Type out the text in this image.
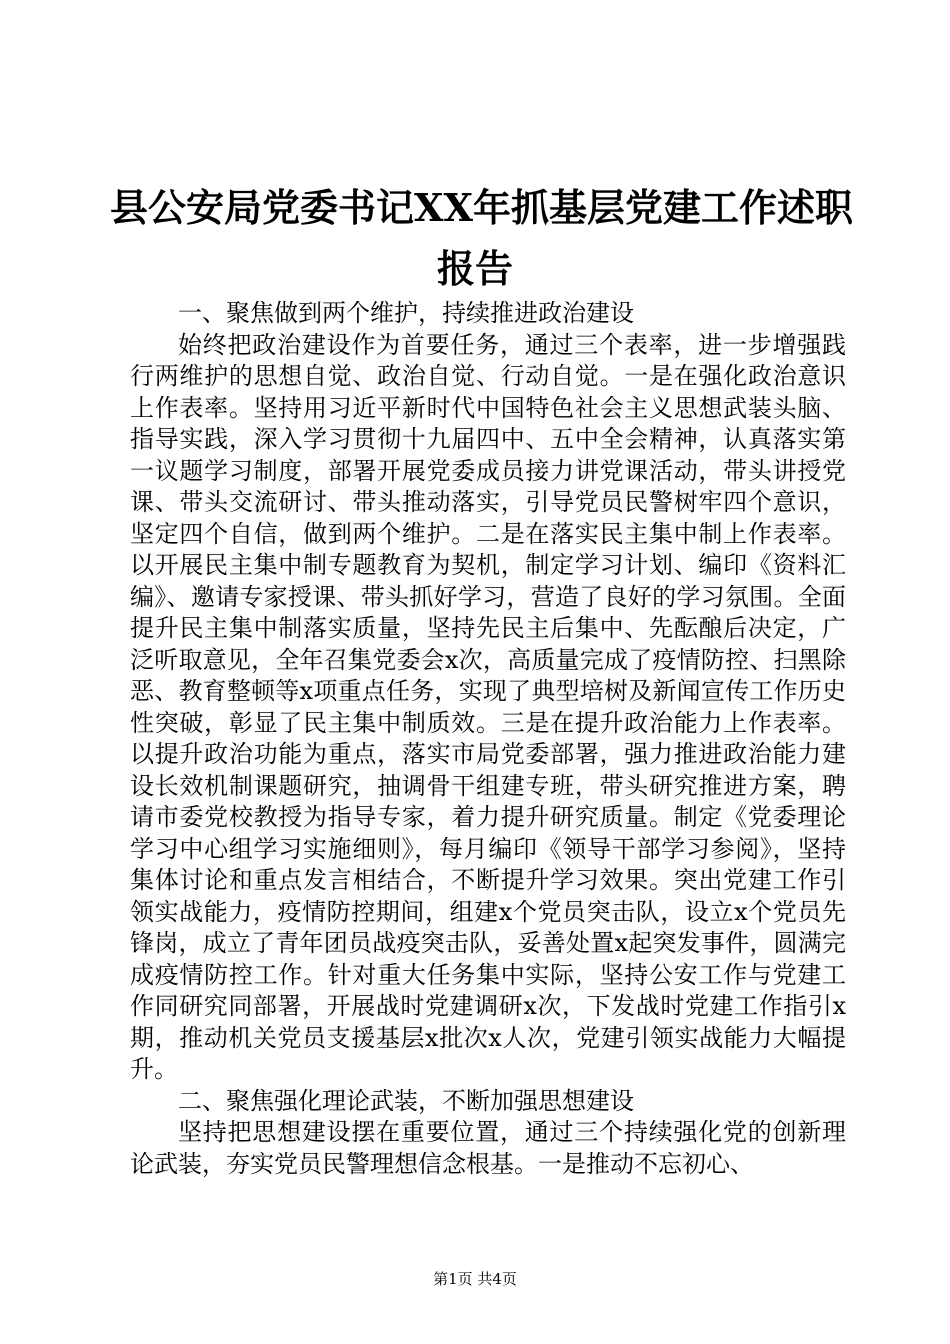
县公安局党委书记XX年抓基层党建工作述职
报告

一、聚焦做到两个维护，持续推进政治建设

始终把政治建设作为首要任务，通过三个表率，进一步增强践行两维护的思想自觉、政治自觉、行动自觉。一是在强化政治意识上作表率。坚持用习近平新时代中国特色社会主义思想武装头脑、指导实践，深入学习贯彻十九届四中、五中全会精神，认真落实第一议题学习制度，部署开展党委成员接力讲党课活动，带头讲授党课、带头交流研讨、带头推动落实，引导党员民警树牢四个意识，坚定四个自信，做到两个维护。二是在落实民主集中制上作表率。以开展民主集中制专题教育为契机，制定学习计划、编印《资料汇编》、邀请专家授课、带头抓好学习，营造了良好的学习氛围。全面提升民主集中制落实质量，坚持先民主后集中、先酝酿后决定，广泛听取意见，全年召集党委会x次，高质量完成了疫情防控、扫黑除恶、教育整顿等x项重点任务，实现了典型培树及新闻宣传工作历史性突破，彰显了民主集中制质效。三是在提升政治能力上作表率。以提升政治功能为重点，落实市局党委部署，强力推进政治能力建设长效机制课题研究，抽调骨干组建专班，带头研究推进方案，聘请市委党校教授为指导专家，着力提升研究质量。制定《党委理论学习中心组学习实施细则》，每月编印《领导干部学习参阅》，坚持集体讨论和重点发言相结合，不断提升学习效果。突出党建工作引领实战能力，疫情防控期间，组建x个党员突击队，设立x个党员先锋岗，成立了青年团员战疫突击队，妥善处置x起突发事件，圆满完成疫情防控工作。针对重大任务集中实际，坚持公安工作与党建工作同研究同部署，开展战时党建调研x次，下发战时党建工作指引x期，推动机关党员支援基层x批次x人次，党建引领实战能力大幅提升。

二、聚焦强化理论武装，不断加强思想建设

坚持把思想建设摆在重要位置，通过三个持续强化党的创新理论武装，夯实党员民警理想信念根基。一是推动不忘初心、

第1页 共4页
